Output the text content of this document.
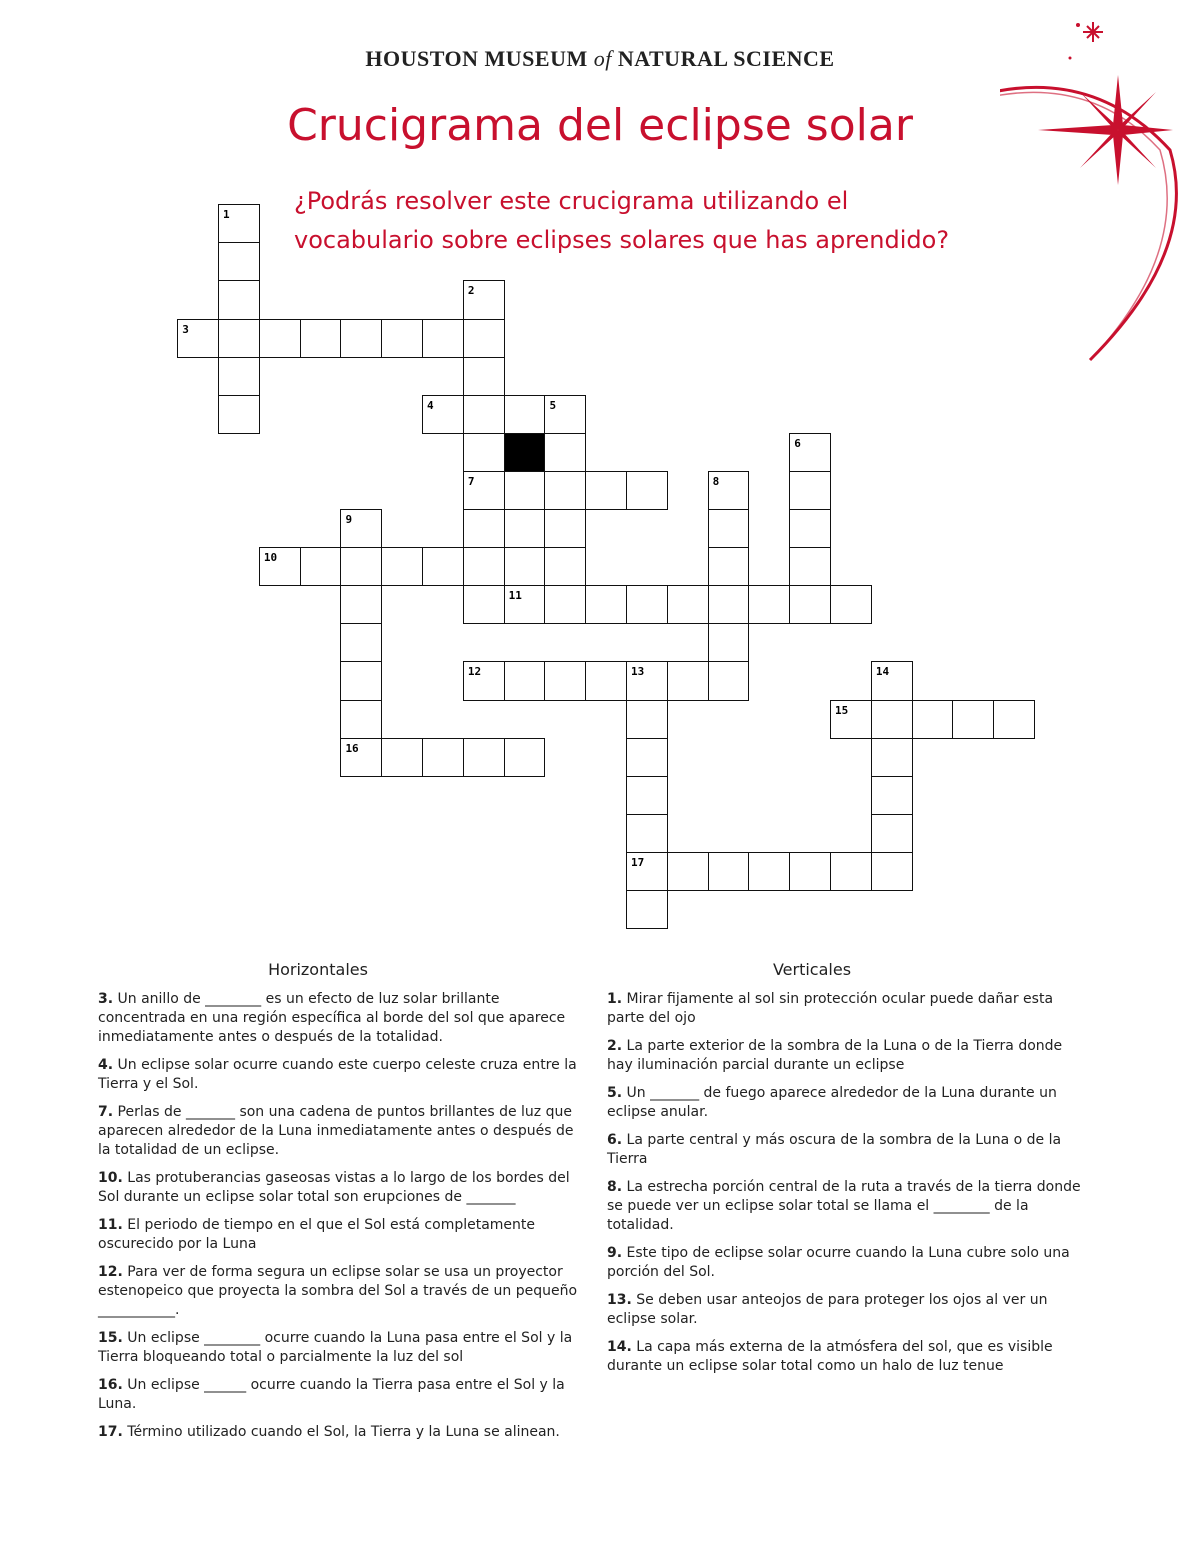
HOUSTON MUSEUM of NATURAL SCIENCE
Crucigrama del eclipse solar
¿Podrás resolver este crucigrama utilizando el vocabulario sobre eclipses solares que has aprendido?
1
2
7
3
4	5
6
8
9
10
11
12	13
17
14
15
16
Horizontales	Verticales
3. Un anillo de ________ es un efecto de luz solar brillante concentrada en una región específica al borde del sol que aparece inmediatamente antes o después de la totalidad.
4. Un eclipse solar ocurre cuando este cuerpo celeste cruza entre la Tierra y el Sol.
7. Perlas de _______ son una cadena de puntos brillantes de luz que aparecen alrededor de la Luna inmediatamente antes o después de la totalidad de un eclipse.
10. Las protuberancias gaseosas vistas a lo largo de los bordes del Sol durante un eclipse solar total son erupciones de _______
11. El periodo de tiempo en el que el Sol está completamente oscurecido por la Luna
12. Para ver de forma segura un eclipse solar se usa un proyector estenopeico que proyecta la sombra del Sol a través de un pequeño ___________.
15. Un eclipse ________ ocurre cuando la Luna pasa entre el Sol y la Tierra bloqueando total o parcialmente la luz del sol
16. Un eclipse ______ ocurre cuando la Tierra pasa entre el Sol y la Luna.
17. Término utilizado cuando el Sol, la Tierra y la Luna se alinean.
1. Mirar fijamente al sol sin protección ocular puede dañar esta parte del ojo
2. La parte exterior de la sombra de la Luna o de la Tierra donde hay iluminación parcial durante un eclipse
5. Un _______ de fuego aparece alrededor de la Luna durante un eclipse anular.
6. La parte central y más oscura de la sombra de la Luna o de la Tierra
8. La estrecha porción central de la ruta a través de la tierra donde se puede ver un eclipse solar total se llama el ________ de la totalidad.
9. Este tipo de eclipse solar ocurre cuando la Luna cubre solo una porción del Sol.
13. Se deben usar anteojos de para proteger los ojos al ver un eclipse solar.
14. La capa más externa de la atmósfera del sol, que es visible durante un eclipse solar total como un halo de luz tenue
